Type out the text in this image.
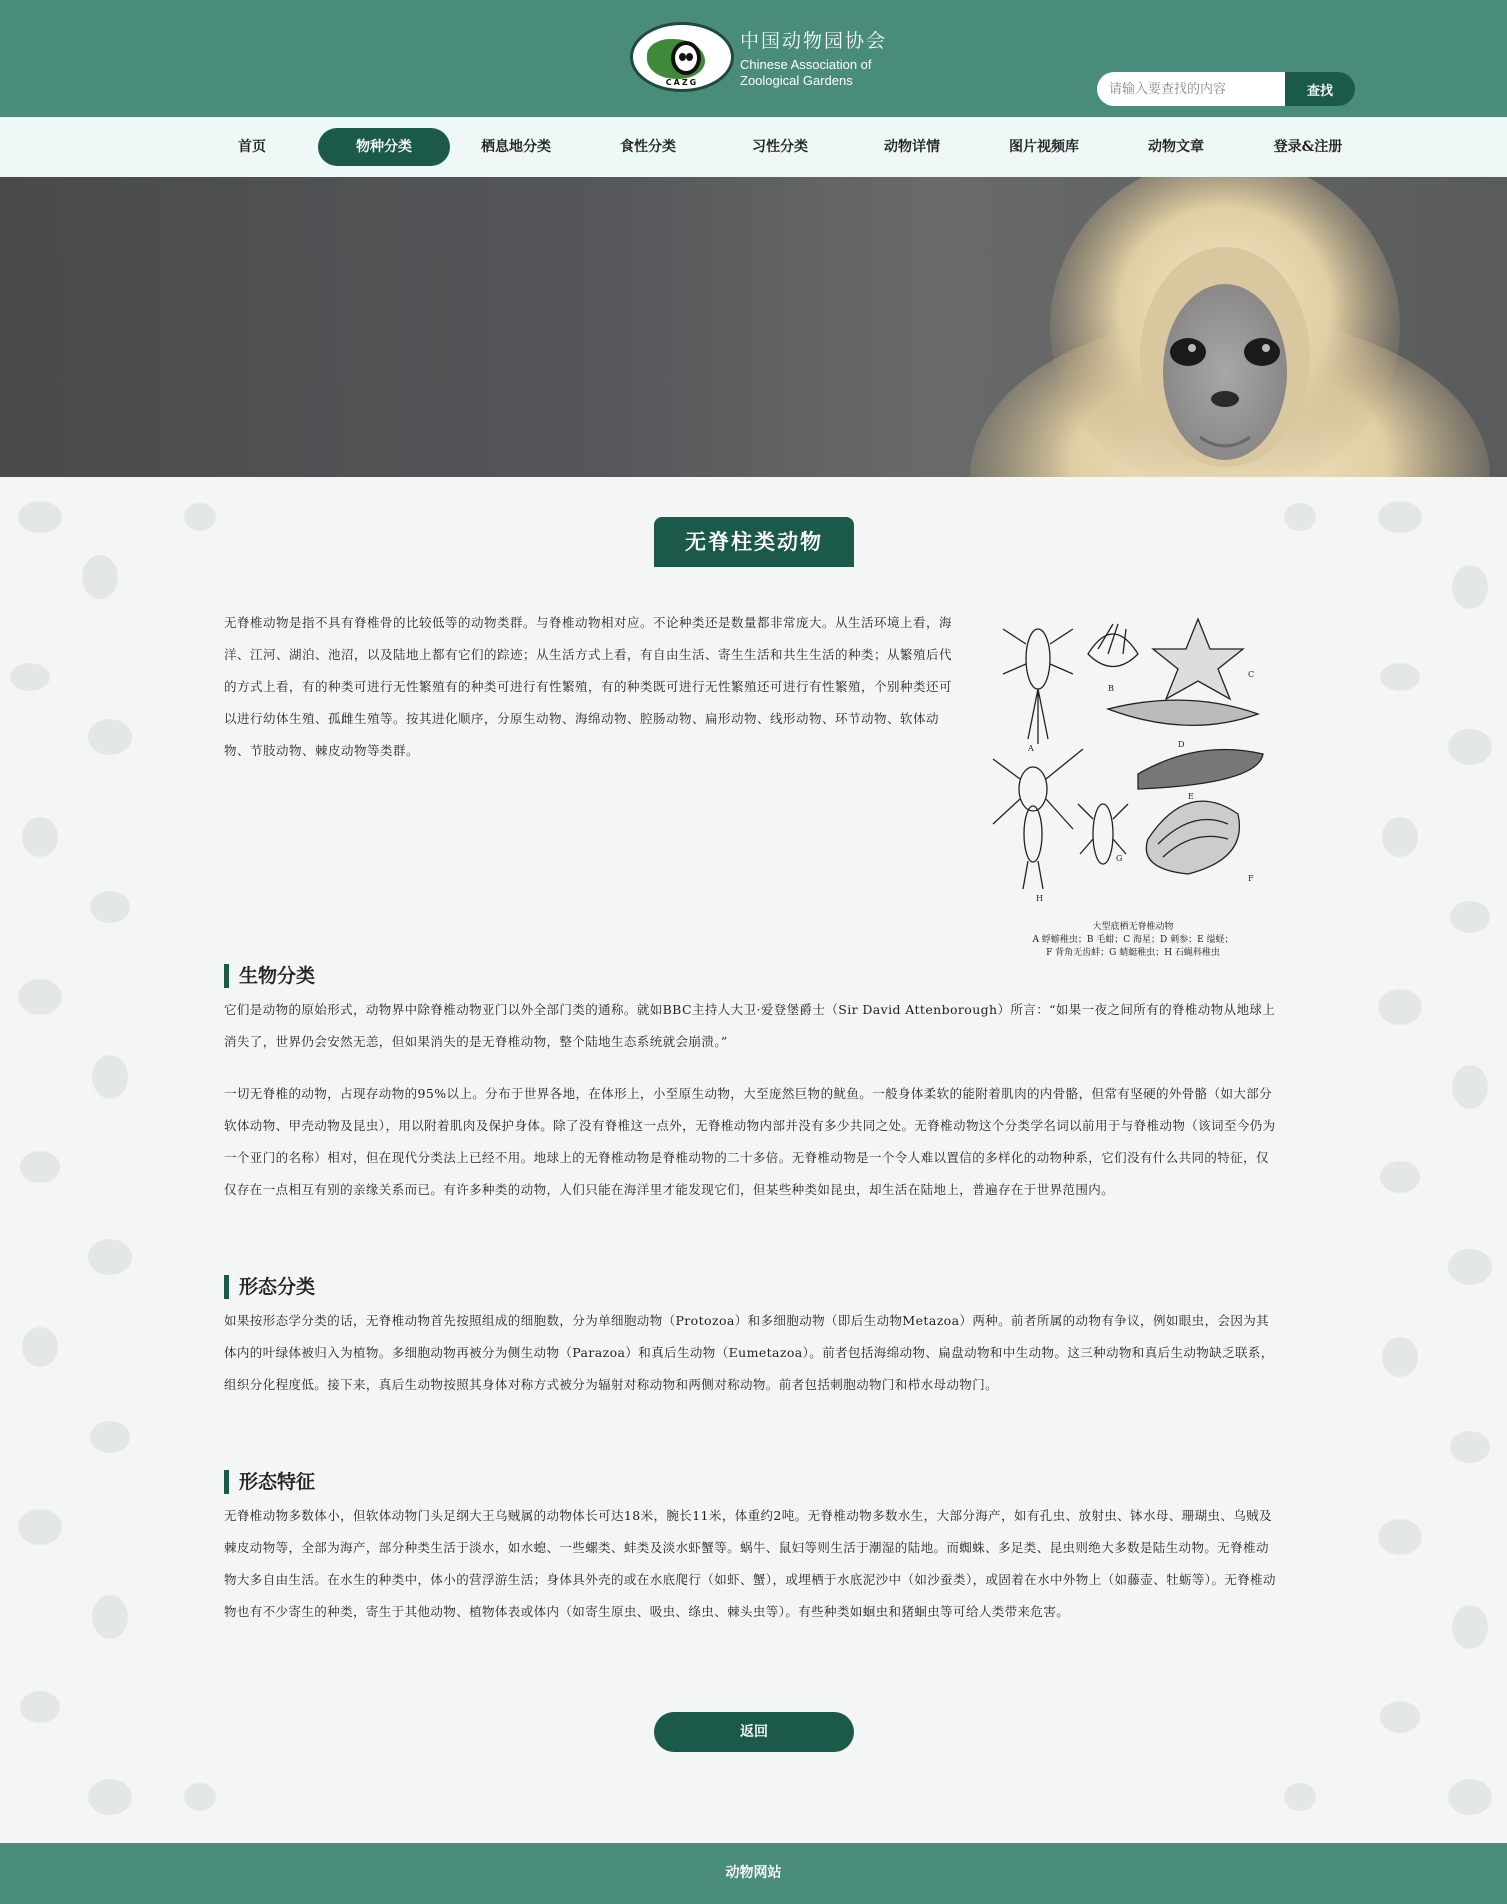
CAZG
中国动物园协会
Chinese Association of
Zoological Gardens
请输入要查找的内容
查找
首页	物种分类	栖息地分类	食性分类	习性分类	动物详情	图片视频库	动物文章	登录&注册
无脊柱类动物
无脊椎动物是指不具有脊椎骨的比较低等的动物类群。与脊椎动物相对应。不论种类还是数量都非常庞大。从生活环境上看，海洋、江河、湖泊、池沼，以及陆地上都有它们的踪迹；从生活方式上看，有自由生活、寄生生活和共生生活的种类；从繁殖后代的方式上看，有的种类可进行无性繁殖有的种类可进行有性繁殖，有的种类既可进行无性繁殖还可进行有性繁殖，个别种类还可以进行幼体生殖、孤雌生殖等。按其进化顺序，分原生动物、海绵动物、腔肠动物、扁形动物、线形动物、环节动物、软体动物、节肢动物、棘皮动物等类群。	A
B
C
D
E
F
G
H
大型底栖无脊椎动物
A 蜉蝣稚虫；B 毛蚶；C 海星；D 刺参；E 缢蛏；
F 背角无齿蚌；G 蜻蜓稚虫；H 石蝇科稚虫
生物分类

它们是动物的原始形式，动物界中除脊椎动物亚门以外全部门类的通称。就如BBC主持人大卫·爱登堡爵士（Sir David Attenborough）所言：“如果一夜之间所有的脊椎动物从地球上消失了，世界仍会安然无恙，但如果消失的是无脊椎动物，整个陆地生态系统就会崩溃。”

一切无脊椎的动物，占现存动物的95%以上。分布于世界各地，在体形上，小至原生动物，大至庞然巨物的鱿鱼。一般身体柔软的能附着肌肉的内骨骼，但常有坚硬的外骨骼（如大部分软体动物、甲壳动物及昆虫），用以附着肌肉及保护身体。除了没有脊椎这一点外，无脊椎动物内部并没有多少共同之处。无脊椎动物这个分类学名词以前用于与脊椎动物（该词至今仍为一个亚门的名称）相对，但在现代分类法上已经不用。地球上的无脊椎动物是脊椎动物的二十多倍。无脊椎动物是一个令人难以置信的多样化的动物种系，它们没有什么共同的特征，仅仅存在一点相互有别的亲缘关系而已。有许多种类的动物，人们只能在海洋里才能发现它们，但某些种类如昆虫，却生活在陆地上，普遍存在于世界范围内。

形态分类

如果按形态学分类的话，无脊椎动物首先按照组成的细胞数，分为单细胞动物（Protozoa）和多细胞动物（即后生动物Metazoa）两种。前者所属的动物有争议，例如眼虫，会因为其体内的叶绿体被归入为植物。多细胞动物再被分为侧生动物（Parazoa）和真后生动物（Eumetazoa）。前者包括海绵动物、扁盘动物和中生动物。这三种动物和真后生动物缺乏联系，组织分化程度低。接下来，真后生动物按照其身体对称方式被分为辐射对称动物和两侧对称动物。前者包括刺胞动物门和栉水母动物门。

形态特征

无脊椎动物多数体小，但软体动物门头足纲大王乌贼属的动物体长可达18米，腕长11米，体重约2吨。无脊椎动物多数水生，大部分海产，如有孔虫、放射虫、钵水母、珊瑚虫、乌贼及棘皮动物等，全部为海产，部分种类生活于淡水，如水螅、一些螺类、蚌类及淡水虾蟹等。蜗牛、鼠妇等则生活于潮湿的陆地。而蜘蛛、多足类、昆虫则绝大多数是陆生动物。无脊椎动物大多自由生活。在水生的种类中，体小的营浮游生活；身体具外壳的或在水底爬行（如虾、蟹），或埋栖于水底泥沙中（如沙蚕类），或固着在水中外物上（如藤壶、牡蛎等）。无脊椎动物也有不少寄生的种类，寄生于其他动物、植物体表或体内（如寄生原虫、吸虫、绦虫、棘头虫等）。有些种类如蛔虫和猪蛔虫等可给人类带来危害。

返回
动物网站
